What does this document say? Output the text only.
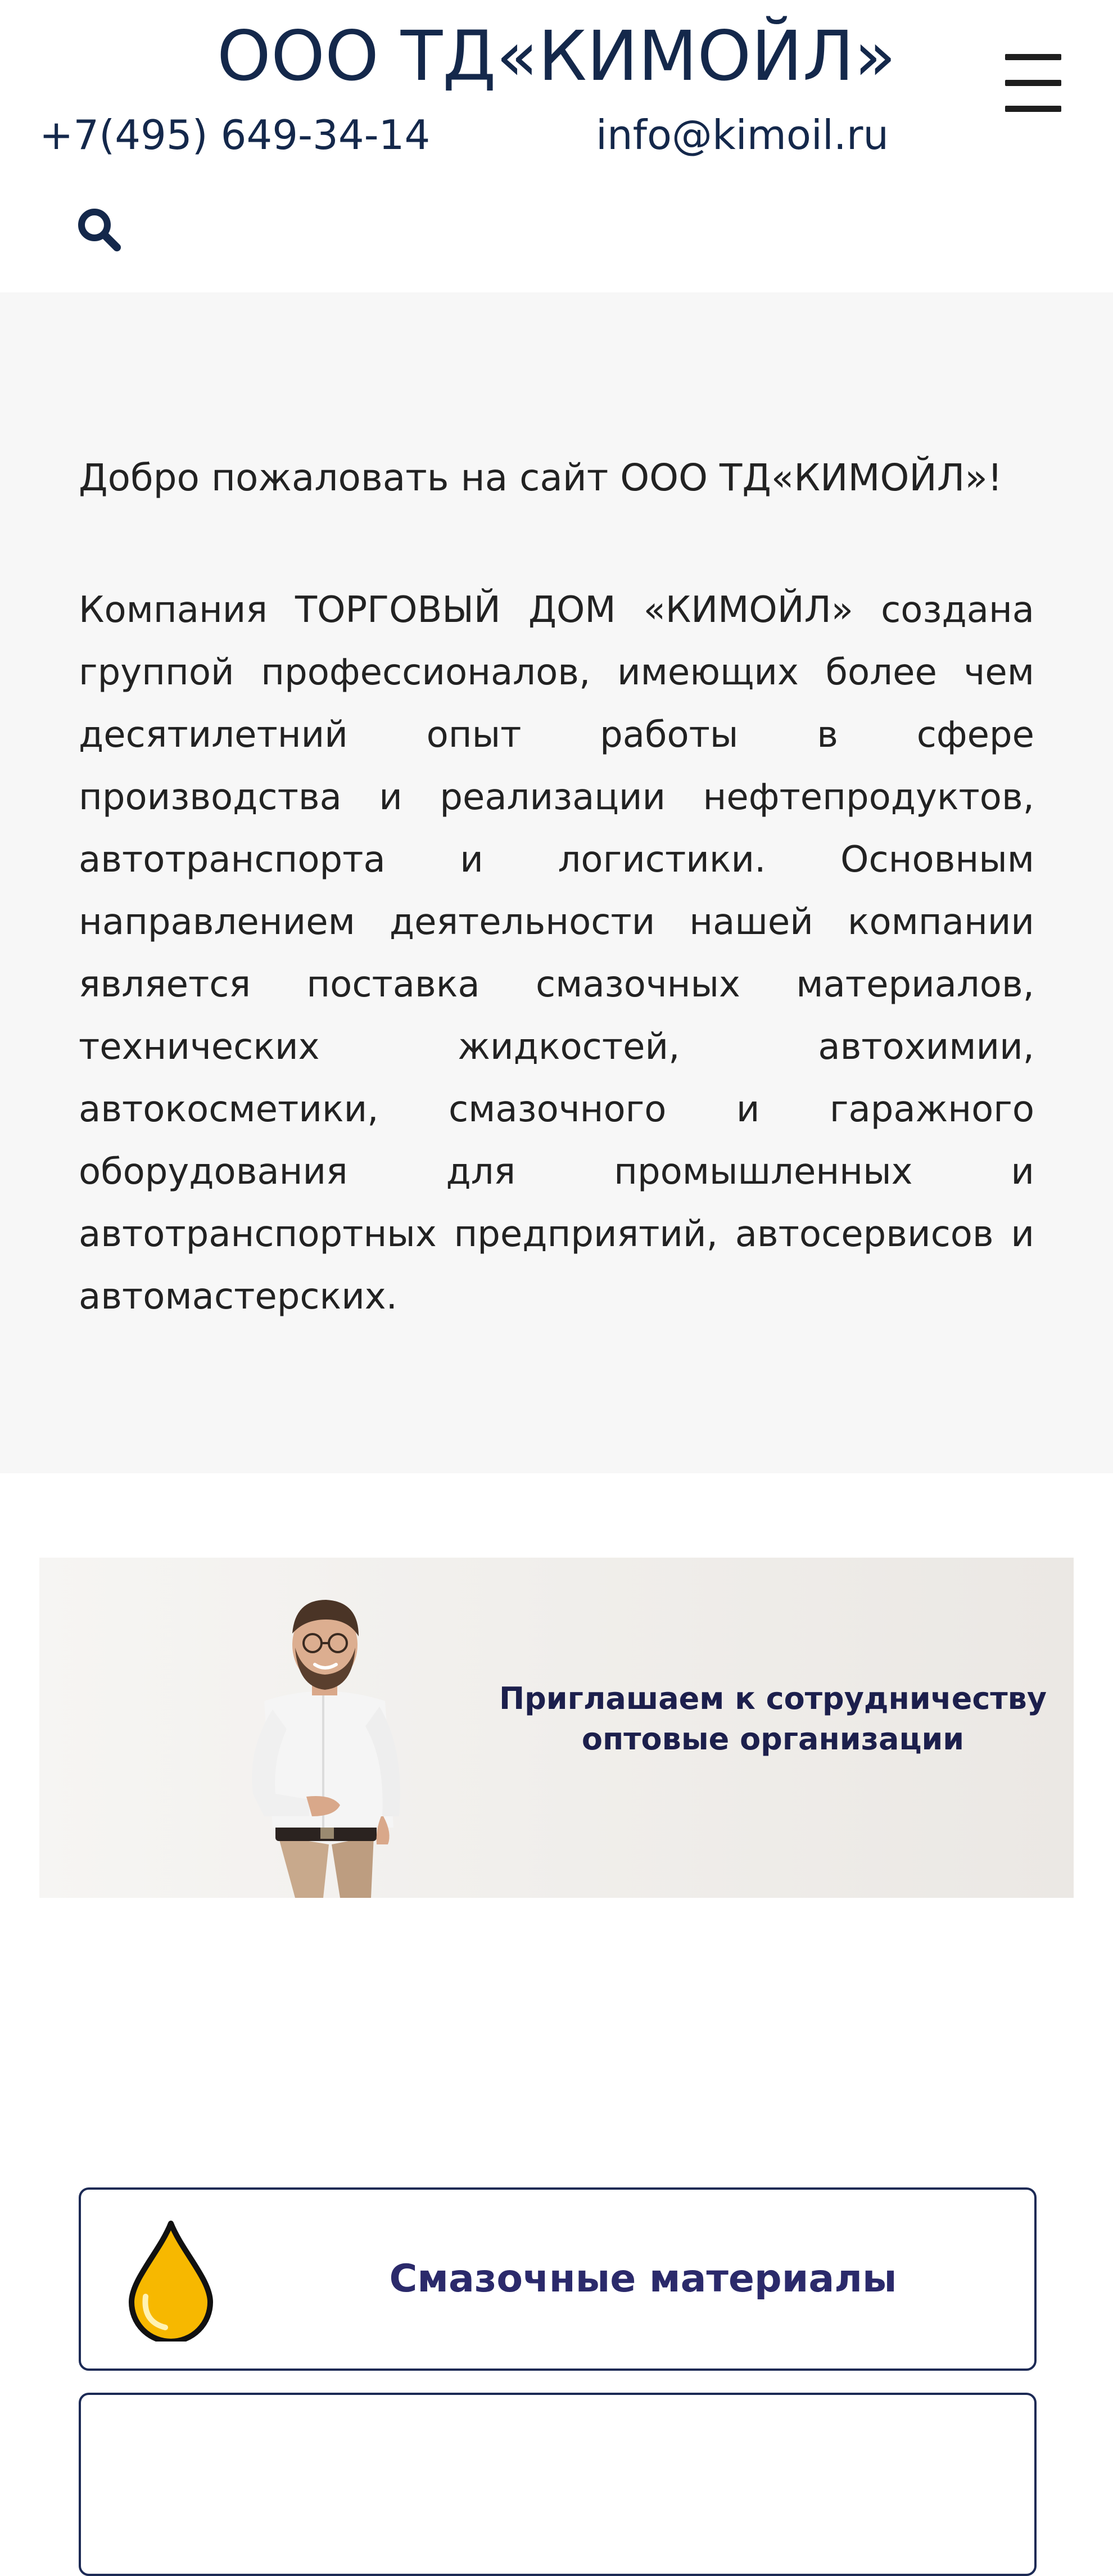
ООО ТД«КИМОЙЛ»
+7(495) 649-34-14	info@kimoil.ru
Добро пожаловать на сайт ООО ТД«КИМОЙЛ»!

Компания ТОРГОВЫЙ ДОМ «КИМОЙЛ» создана группой профессионалов, имеющих более чем десятилетний опыт работы в сфере производства и реализации нефтепродуктов, автотранспорта и логистики. Основным направлением деятельности нашей компании является поставка смазочных материалов, технических жидкостей, автохимии, автокосметики, смазочного и гаражного оборудования для промышленных и автотранспортных предприятий, автосервисов и автомастерских.

Приглашаем к сотрудничеству
оптовые организации

Смазочные материалы
